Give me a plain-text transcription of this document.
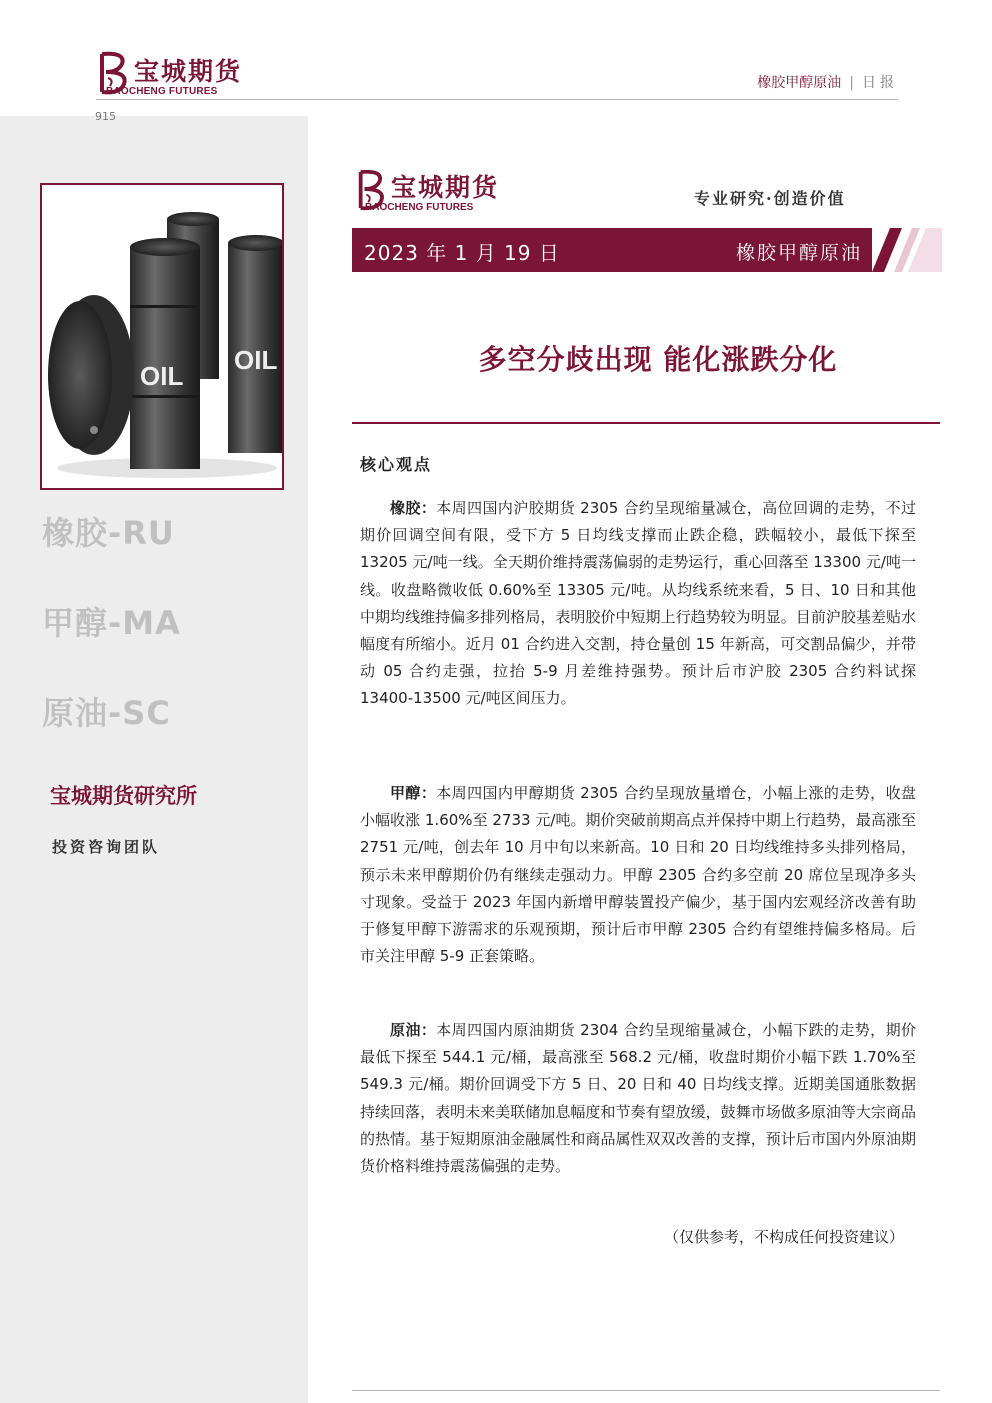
宝城期货
BAOCHENG FUTURES
橡胶甲醇原油 | 日报
915
OIL
OIL
橡胶-RU
甲醇-MA
原油-SC
宝城期货研究所
投资咨询团队
宝城期货
BAOCHENG FUTURES	专业研究·创造价值
2023 年 1 月 19 日	橡胶甲醇原油
多空分歧出现 能化涨跌分化
核心观点

橡胶：本周四国内沪胶期货 2305 合约呈现缩量减仓，高位回调的走势，不过期价回调空间有限，受下方 5 日均线支撑而止跌企稳，跌幅较小，最低下探至 13205 元/吨一线。全天期价维持震荡偏弱的走势运行，重心回落至 13300 元/吨一线。收盘略微收低 0.60%至 13305 元/吨。从均线系统来看，5 日、10 日和其他中期均线维持偏多排列格局，表明胶价中短期上行趋势较为明显。目前沪胶基差贴水幅度有所缩小。近月 01 合约进入交割，持仓量创 15 年新高，可交割品偏少，并带动 05 合约走强，拉抬 5-9 月差维持强势。预计后市沪胶 2305 合约料试探 13400-13500 元/吨区间压力。

甲醇：本周四国内甲醇期货 2305 合约呈现放量增仓，小幅上涨的走势，收盘小幅收涨 1.60%至 2733 元/吨。期价突破前期高点并保持中期上行趋势，最高涨至 2751 元/吨，创去年 10 月中旬以来新高。10 日和 20 日均线维持多头排列格局，预示未来甲醇期价仍有继续走强动力。甲醇 2305 合约多空前 20 席位呈现净多头寸现象。受益于 2023 年国内新增甲醇装置投产偏少，基于国内宏观经济改善有助于修复甲醇下游需求的乐观预期，预计后市甲醇 2305 合约有望维持偏多格局。后市关注甲醇 5-9 正套策略。

原油：本周四国内原油期货 2304 合约呈现缩量减仓，小幅下跌的走势，期价最低下探至 544.1 元/桶，最高涨至 568.2 元/桶，收盘时期价小幅下跌 1.70%至 549.3 元/桶。期价回调受下方 5 日、20 日和 40 日均线支撑。近期美国通胀数据持续回落，表明未来美联储加息幅度和节奏有望放缓，鼓舞市场做多原油等大宗商品的热情。基于短期原油金融属性和商品属性双双改善的支撑，预计后市国内外原油期货价格料维持震荡偏强的走势。

（仅供参考，不构成任何投资建议）
